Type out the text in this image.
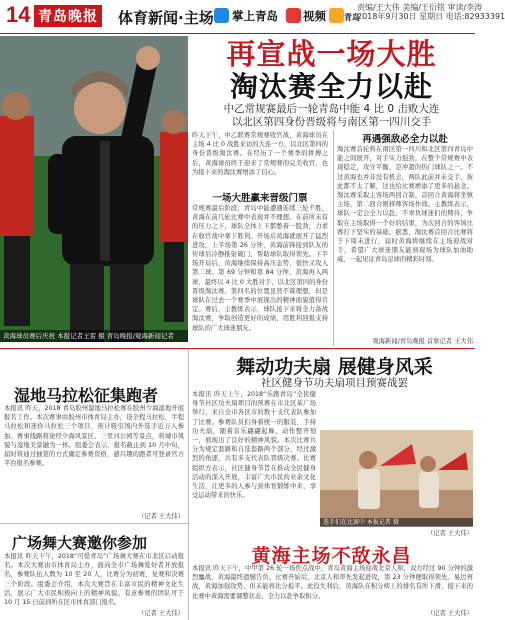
14 青岛晚报 体育新闻·主场 掌上青岛 视频 青岛
责编/王大伟 美编/王衍铭 审读/李涛
2018年9月30日 星期日 电话:82933391
黄海球员赛后庆祝 本报记者王雷 摄 青岛晚报/观海新闻记者
再宣战一场大胜
淘汰赛全力以赴
中乙常规赛最后一轮青岛中能 4 比 0 击败大连
以北区第四身份晋级将与南区第一四川交手
昨天下午，中乙联赛常规赛收官战，黄海球员在主场 4 比 0 战胜来访的大连一方，以北区第四的身份晋级淘汰赛。在经历了一个赛季的拼搏之后，黄海球员终于迎来了常规赛的完美收官，也为接下来的淘汰赛增添了信心。
一场大胜赢来晋级门票
常规赛最后阶段，青岛中能遭遇连续三轮不胜，黄海在前几轮比赛中表现并不理想。在前所未有的压力之下，球队全体上下都憋着一股劲，力求在收官战中拿下胜利。开场后黄海就展开了猛烈进攻，上半场第 26 分钟，黄海前锋接到队友的传球后冷静推射破门，帮助球队取得领先。下半场开局后，黄海继续保持高压态势，很快又攻入第二球。第 69 分钟和第 84 分钟，黄海再入两球，最终以 4 比 0 大胜对手，以北区第四的身份晋级淘汰赛。第四名的位置虽然不算理想，但是球队在过去一个赛季中展现出的精神面貌值得肯定。赛后，主教练表示，球队接下来将全力备战淘汰赛，争取创造更好的成绩，用胜利回报支持球队的广大球迷朋友。
再遇强敌必全力以赴
淘汰赛首轮将在南区第一四川和北区第四青岛中能之间展开，对手实力强劲，在整个常规赛中表现稳定，攻守平衡，是冲超的热门球队之一。不过黄海也并非没有机会，两队此前并未交手，彼此都不太了解，这也给比赛增添了更多的悬念。淘汰赛采取主客场两回合制，首回合黄海将坐镇主场，第二回合则移师客场作战。主教练表示，球队一定会全力以赴，不辜负球迷们的期待，争取在主场取得一个好的结果，为次回合的客场比赛打下坚实的基础。据悉，淘汰赛首回合比赛将于下周末进行，届时黄海将继续在主场迎战对手，希望广大球迷朋友能到现场为球队加油助威，一起见证青岛足球的精彩时刻。
观海新闻/青岛晚报 首席记者 王大伟
湿地马拉松征集跑者
本报讯 昨天，2018 青岛胶州湿地马拉松赛在胶州少海湿地开展报名工作。本次赛事由胶州市体育局主办，设全程马拉松、半程马拉松和迷你马拉松三个项目，预计吸引国内外选手近万人参加。赛事线路将途经少海风景区、三里河公园等景点，将城市风貌与湿地美景融为一体。组委会表示，报名截止到 10 月中旬，届时将通过抽签的方式确定参赛资格，感兴趣的跑者可登录官方平台报名参赛。
（记者 王大伟）
广场舞大赛邀你参加
本报讯 昨天下午，2018“可爱青岛”广场舞大赛在市北区启动报名。本次大赛由市体育局主办，面向全市广场舞爱好者开放报名，参赛队伍人数为 10 至 20 人，比赛分为初赛、复赛和决赛三个阶段。组委会介绍，本次大赛旨在丰富市民的精神文化生活，展示广大市民积极向上的精神风貌。有意参赛的团队可于 10 月 15 日前到所在区市体育部门报名。
（记者 王大伟）
舞动功夫扇 展健身风采
社区健身节功夫扇项目预赛战罢
本报讯 昨天上午，2018“乐跑青岛”全民健身节社区功夫扇项目的预赛在市北区某广场举行，来自全市各区市的数十支代表队参加了比赛。参赛队员们身着统一的服装，手持功夫扇，随着音乐翩翩起舞，动作整齐划一，展现出了良好的精神风貌。本次比赛共分为规定套路和自选套路两个部分，经过激烈的角逐，共有多支代表队晋级决赛。比赛组织方表示，社区健身节旨在推动全民健身活动的深入开展，丰富广大市民的业余文化生活，让更多的人参与到体育锻炼中来，享受运动带来的快乐。
选手们在比赛中 本报记者 摄
（记者 王大伟）
黄海主场不敌永昌
本报讯 昨天下午，中甲第 26 轮一场焦点战中，青岛黄海主场迎战北京人和，双方经过 90 分钟的激烈鏖战，黄海最终遗憾告负。比赛开始后，北京人和率先发起进攻，第 23 分钟便取得领先。易边再战，黄海加强攻势，但未能将比分扳平。此役失利后，黄海队在积分榜上的排名有所下滑，接下来的比赛中黄海需要调整状态，全力以赴争取积分。
（记者 王大伟）
